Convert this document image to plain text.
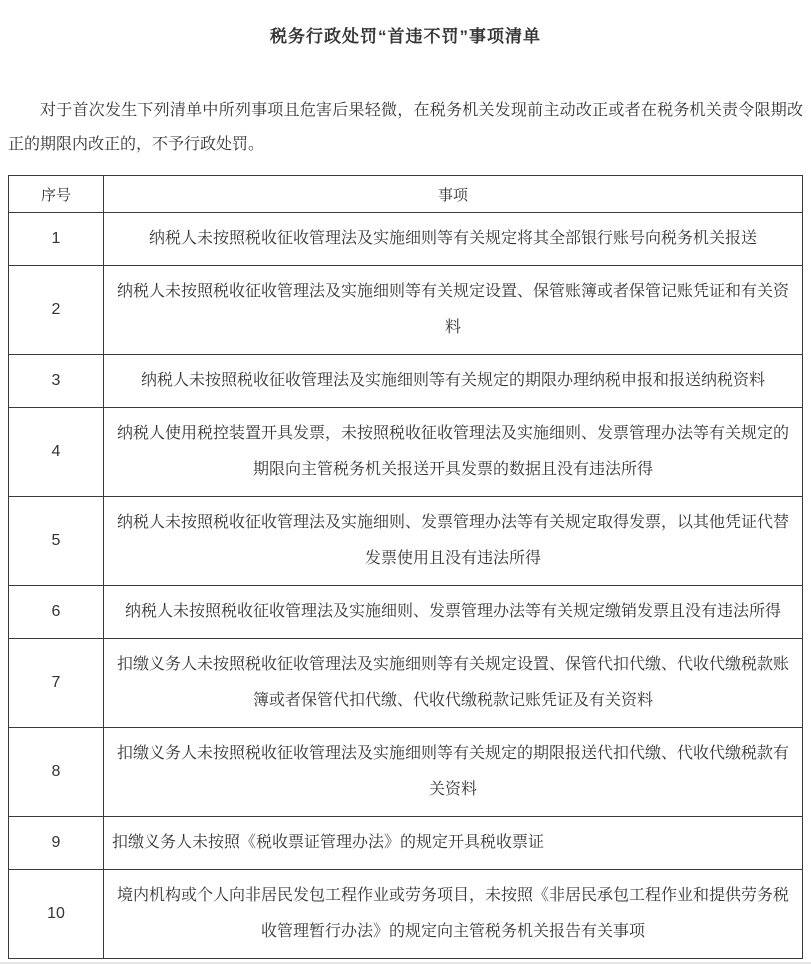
税务行政处罚“首违不罚”事项清单

对于首次发生下列清单中所列事项且危害后果轻微，在税务机关发现前主动改正或者在税务机关责令限期改正的期限内改正的，不予行政处罚。

序号	事项
1	纳税人未按照税收征收管理法及实施细则等有关规定将其全部银行账号向税务机关报送
2	纳税人未按照税收征收管理法及实施细则等有关规定设置、保管账簿或者保管记账凭证和有关资料
3	纳税人未按照税收征收管理法及实施细则等有关规定的期限办理纳税申报和报送纳税资料
4	纳税人使用税控装置开具发票，未按照税收征收管理法及实施细则、发票管理办法等有关规定的期限向主管税务机关报送开具发票的数据且没有违法所得
5	纳税人未按照税收征收管理法及实施细则、发票管理办法等有关规定取得发票，以其他凭证代替发票使用且没有违法所得
6	纳税人未按照税收征收管理法及实施细则、发票管理办法等有关规定缴销发票且没有违法所得
7	扣缴义务人未按照税收征收管理法及实施细则等有关规定设置、保管代扣代缴、代收代缴税款账簿或者保管代扣代缴、代收代缴税款记账凭证及有关资料
8	扣缴义务人未按照税收征收管理法及实施细则等有关规定的期限报送代扣代缴、代收代缴税款有关资料
9	扣缴义务人未按照《税收票证管理办法》的规定开具税收票证
10	境内机构或个人向非居民发包工程作业或劳务项目，未按照《非居民承包工程作业和提供劳务税收管理暂行办法》的规定向主管税务机关报告有关事项
